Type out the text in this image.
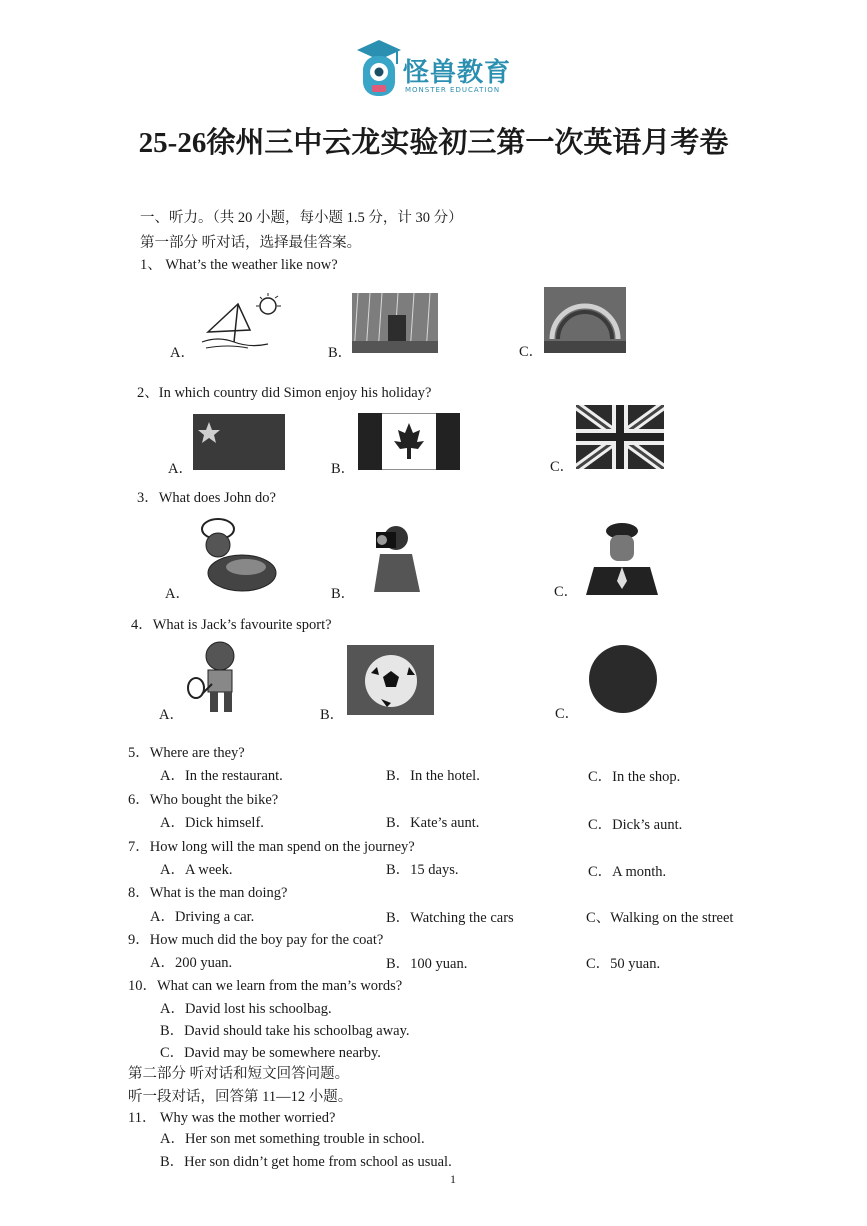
怪兽教育
MONSTER EDUCATION
25-26徐州三中云龙实验初三第一次英语月考卷
一、听力。（共 20 小题，每小题 1.5 分，计 30 分）
第一部分 听对话，选择最佳答案。
1、 What’s the weather like now?
A．	B．	C．
2、In which country did Simon enjoy his holiday?
A．	B．	C．
3．What does John do?
A．	B．	C．
4．What is Jack’s favourite sport?
A．	B．	C．
5．Where are they?
A．In the restaurant.	B．In the hotel.	C．In the shop.
6．Who bought the bike?
A．Dick himself.	B．Kate’s aunt.	C．Dick’s aunt.
7．How long will the man spend on the journey?
A．A week.	B．15 days.	C．A month.
8．What is the man doing?
A．Driving a car.	B．Watching the cars	C、Walking on the street
9．How much did the boy pay for the coat?
A．200 yuan.	B．100 yuan.	C．50 yuan.
10．What can we learn from the man’s words?
A．David lost his schoolbag.
B．David should take his schoolbag away.
C．David may be somewhere nearby.
第二部分 听对话和短文回答问题。
听一段对话，回答第 11—12 小题。
11． Why was the mother worried?
A．Her son met something trouble in school.
B．Her son didn’t get home from school as usual.
1
